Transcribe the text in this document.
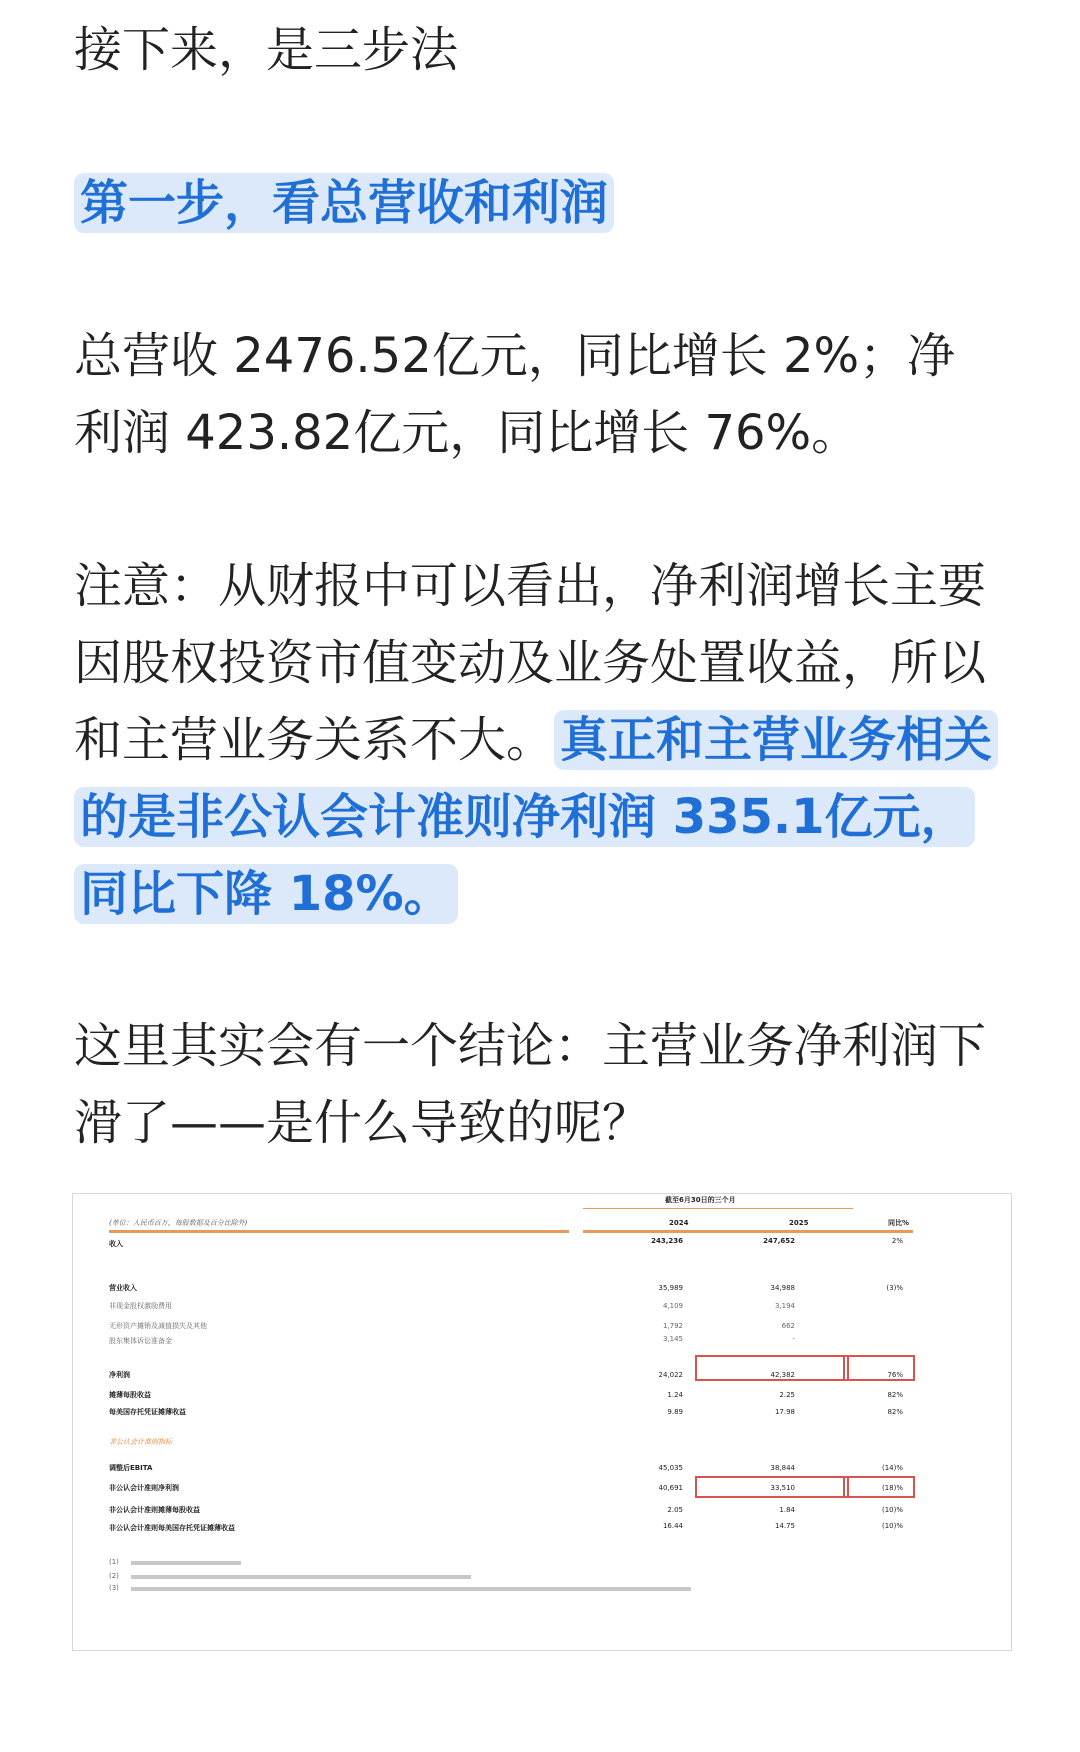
接下来，是三步法
第一步，看总营收和利润
总营收 2476.52亿元，同比增长 2%；净利润 423.82亿元，同比增长 76%。
注意：从财报中可以看出，净利润增长主要因股权投资市值变动及业务处置收益，所以和主营业务关系不大。 真正和主营业务相关的是非公认会计准则净利润 335.1亿元，同比下降 18%。
这里其实会有一个结论：主营业务净利润下滑了——是什么导致的呢？
截至6月30日的三个月
(单位：人民币百万，每股数据及百分比除外)	2024	2025	同比%
收入	243,236	247,652	2%
营业收入	35,989	34,988	(3)%
非现金股权激励费用	4,109	3,194
无形资产摊销及减值损失及其他	1,792	662
股东集体诉讼准备金	3,145	-
净利润	24,022	42,382	76%
摊薄每股收益	1.24	2.25	82%
每美国存托凭证摊薄收益	9.89	17.98	82%
非公认会计准则指标
调整后EBITA	45,035	38,844	(14)%
非公认会计准则净利润	40,691	33,510	(18)%
非公认会计准则摊薄每股收益	2.05	1.84	(10)%
非公认会计准则每美国存托凭证摊薄收益	16.44	14.75	(10)%
(1)
(2)
(3)
